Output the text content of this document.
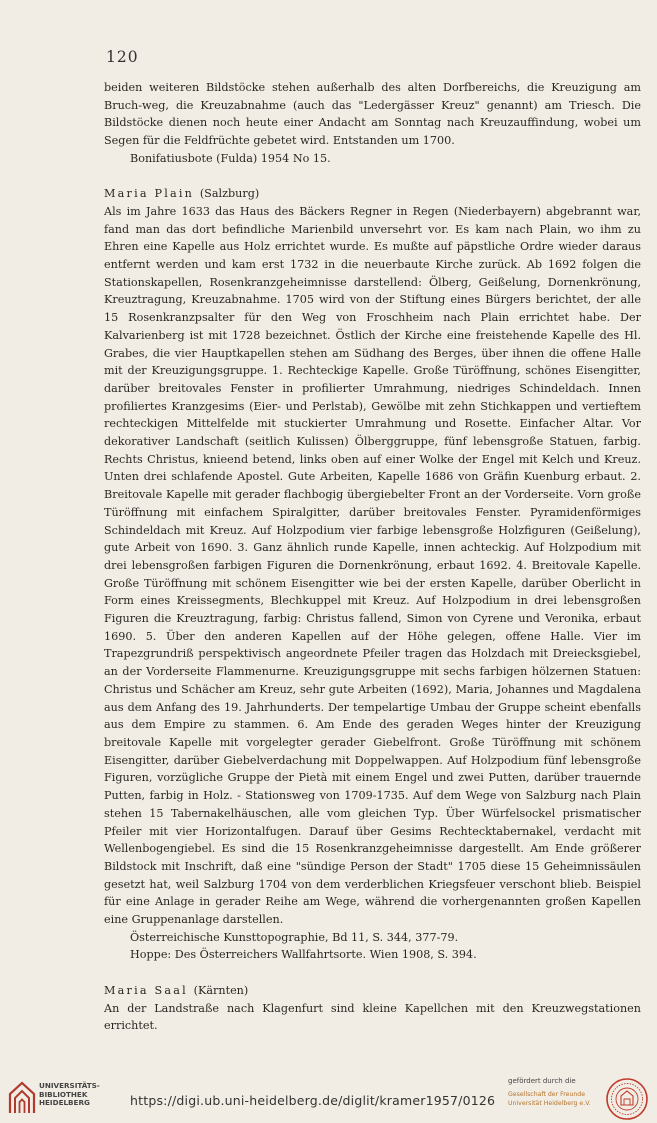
120

beiden weiteren Bildstöcke stehen außerhalb des alten Dorfbereichs, die Kreuzigung am Bruch-weg, die Kreuzabnahme (auch das "Ledergässer Kreuz" genannt) am Triesch. Die Bildstöcke dienen noch heute einer Andacht am Sonntag nach Kreuzauffindung, wobei um Segen für die Feldfrüchte gebetet wird. Entstanden um 1700.

Bonifatiusbote (Fulda) 1954 No 15.

Maria Plain (Salzburg)

Als im Jahre 1633 das Haus des Bäckers Regner in Regen (Niederbayern) abgebrannt war, fand man das dort befindliche Marienbild unversehrt vor. Es kam nach Plain, wo ihm zu Ehren eine Kapelle aus Holz errichtet wurde. Es mußte auf päpstliche Ordre wieder daraus entfernt werden und kam erst 1732 in die neuerbaute Kirche zurück. Ab 1692 folgen die Stationskapellen, Rosenkranzgeheimnisse darstellend: Ölberg, Geißelung, Dornenkrönung, Kreuztragung, Kreuzabnahme. 1705 wird von der Stiftung eines Bürgers berichtet, der alle 15 Rosenkranzpsalter für den Weg von Froschheim nach Plain errichtet habe. Der Kalvarienberg ist mit 1728 bezeichnet. Östlich der Kirche eine freistehende Kapelle des Hl. Grabes, die vier Hauptkapellen stehen am Südhang des Berges, über ihnen die offene Halle mit der Kreuzigungsgruppe. 1. Rechteckige Kapelle. Große Türöffnung, schönes Eisengitter, darüber breitovales Fenster in profilierter Umrahmung, niedriges Schindeldach. Innen profiliertes Kranzgesims (Eier- und Perlstab), Gewölbe mit zehn Stichkappen und vertieftem rechteckigen Mittelfelde mit stuckierter Umrahmung und Rosette. Einfacher Altar. Vor dekorativer Landschaft (seitlich Kulissen) Ölberggruppe, fünf lebensgroße Statuen, farbig. Rechts Christus, knieend betend, links oben auf einer Wolke der Engel mit Kelch und Kreuz. Unten drei schlafende Apostel. Gute Arbeiten, Kapelle 1686 von Gräfin Kuenburg erbaut. 2. Breitovale Kapelle mit gerader flachbogig übergiebelter Front an der Vorderseite. Vorn große Türöffnung mit einfachem Spiralgitter, darüber breitovales Fenster. Pyramidenförmiges Schindeldach mit Kreuz. Auf Holzpodium vier farbige lebensgroße Holzfiguren (Geißelung), gute Arbeit von 1690. 3. Ganz ähnlich runde Kapelle, innen achteckig. Auf Holzpodium mit drei lebensgroßen farbigen Figuren die Dornenkrönung, erbaut 1692. 4. Breitovale Kapelle. Große Türöffnung mit schönem Eisengitter wie bei der ersten Kapelle, darüber Oberlicht in Form eines Kreissegments, Blechkuppel mit Kreuz. Auf Holzpodium in drei lebensgroßen Figuren die Kreuztragung, farbig: Christus fallend, Simon von Cyrene und Veronika, erbaut 1690. 5. Über den anderen Kapellen auf der Höhe gelegen, offene Halle. Vier im Trapezgrundriß perspektivisch angeordnete Pfeiler tragen das Holzdach mit Dreiecksgiebel, an der Vorderseite Flammenurne. Kreuzigungsgruppe mit sechs farbigen hölzernen Statuen: Christus und Schächer am Kreuz, sehr gute Arbeiten (1692), Maria, Johannes und Magdalena aus dem Anfang des 19. Jahrhunderts. Der tempelartige Umbau der Gruppe scheint ebenfalls aus dem Empire zu stammen. 6. Am Ende des geraden Weges hinter der Kreuzigung breitovale Kapelle mit vorgelegter gerader Giebelfront. Große Türöffnung mit schönem Eisengitter, darüber Giebelverdachung mit Doppelwappen. Auf Holzpodium fünf lebensgroße Figuren, vorzügliche Gruppe der Pietà mit einem Engel und zwei Putten, darüber trauernde Putten, farbig in Holz. - Stationsweg von 1709-1735. Auf dem Wege von Salzburg nach Plain stehen 15 Tabernakelhäuschen, alle vom gleichen Typ. Über Würfelsockel prismatischer Pfeiler mit vier Horizontalfugen. Darauf über Gesims Rechtecktabernakel, verdacht mit Wellenbogengiebel. Es sind die 15 Rosenkranzgeheimnisse dargestellt. Am Ende größerer Bildstock mit Inschrift, daß eine "sündige Person der Stadt" 1705 diese 15 Geheimnissäulen gesetzt hat, weil Salzburg 1704 von dem verderblichen Kriegsfeuer verschont blieb. Beispiel für eine Anlage in gerader Reihe am Wege, während die vorhergenannten großen Kapellen eine Gruppenanlage darstellen.

Österreichische Kunsttopographie, Bd 11, S. 344, 377-79.

Hoppe: Des Österreichers Wallfahrtsorte. Wien 1908, S. 394.

Maria Saal (Kärnten)

An der Landstraße nach Klagenfurt sind kleine Kapellchen mit den Kreuzwegstationen errichtet.

UNIVERSITÄTS-
BIBLIOTHEK
HEIDELBERG	https://digi.ub.uni-heidelberg.de/diglit/kramer1957/0126
gefördert durch die
Gesellschaft der Freunde
Universität Heidelberg e.V.
